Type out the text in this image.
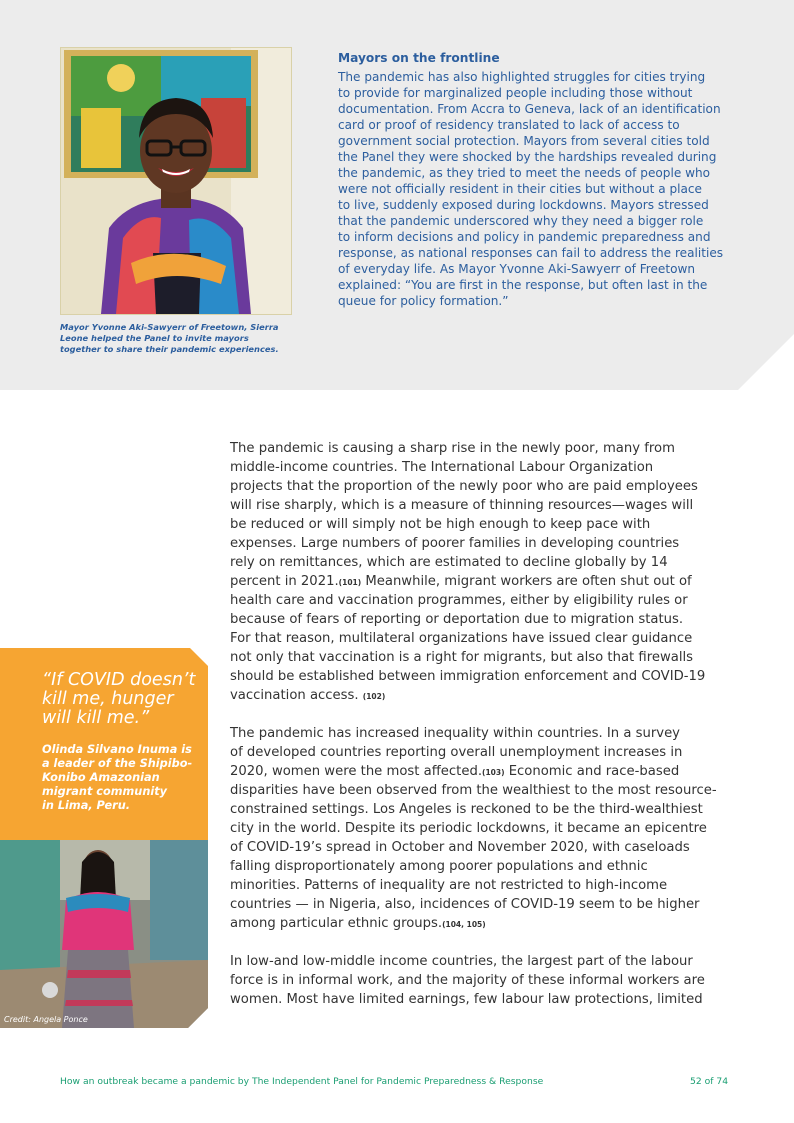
Mayor Yvonne Aki-Sawyerr of Freetown, Sierra Leone helped the Panel to invite mayors together to share their pandemic experiences.
Mayors on the frontline
The pandemic has also highlighted struggles for cities trying
to provide for marginalized people including those without
documentation. From Accra to Geneva, lack of an identification
card or proof of residency translated to lack of access to
government social protection. Mayors from several cities told
the Panel they were shocked by the hardships revealed during
the pandemic, as they tried to meet the needs of people who
were not officially resident in their cities but without a place
to live, suddenly exposed during lockdowns. Mayors stressed
that the pandemic underscored why they need a bigger role
to inform decisions and policy in pandemic preparedness and
response, as national responses can fail to address the realities
of everyday life. As Mayor Yvonne Aki-Sawyerr of Freetown
explained: “You are first in the response, but often last in the
queue for policy formation.”

The pandemic is causing a sharp rise in the newly poor, many from
middle-income countries. The International Labour Organization
projects that the proportion of the newly poor who are paid employees
will rise sharply, which is a measure of thinning resources—wages will
be reduced or will simply not be high enough to keep pace with
expenses. Large numbers of poorer families in developing countries
rely on remittances, which are estimated to decline globally by 14
percent in 2021.$^{(101)}$ Meanwhile, migrant workers are often shut out of
health care and vaccination programmes, either by eligibility rules or
because of fears of reporting or deportation due to migration status.
For that reason, multilateral organizations have issued clear guidance
not only that vaccination is a right for migrants, but also that firewalls
should be established between immigration enforcement and COVID-19
vaccination access. $^{(102)}$

The pandemic has increased inequality within countries. In a survey
of developed countries reporting overall unemployment increases in
2020, women were the most affected.$^{(103)}$ Economic and race-based
disparities have been observed from the wealthiest to the most resource-
constrained settings. Los Angeles is reckoned to be the third-wealthiest
city in the world. Despite its periodic lockdowns, it became an epicentre
of COVID-19’s spread in October and November 2020, with caseloads
falling disproportionately among poorer populations and ethnic
minorities. Patterns of inequality are not restricted to high-income
countries — in Nigeria, also, incidences of COVID-19 seem to be higher
among particular ethnic groups.$^{(104, 105)}$

In low-and low-middle income countries, the largest part of the labour
force is in informal work, and the majority of these informal workers are
women. Most have limited earnings, few labour law protections, limited

“If COVID doesn’t
kill me, hunger
will kill me.”
Olinda Silvano Inuma is
a leader of the Shipibo-
Konibo Amazonian
migrant community
in Lima, Peru.
Credit: Angela Ponce
How an outbreak became a pandemic by The Independent Panel for Pandemic Preparedness & Response	52 of 74
